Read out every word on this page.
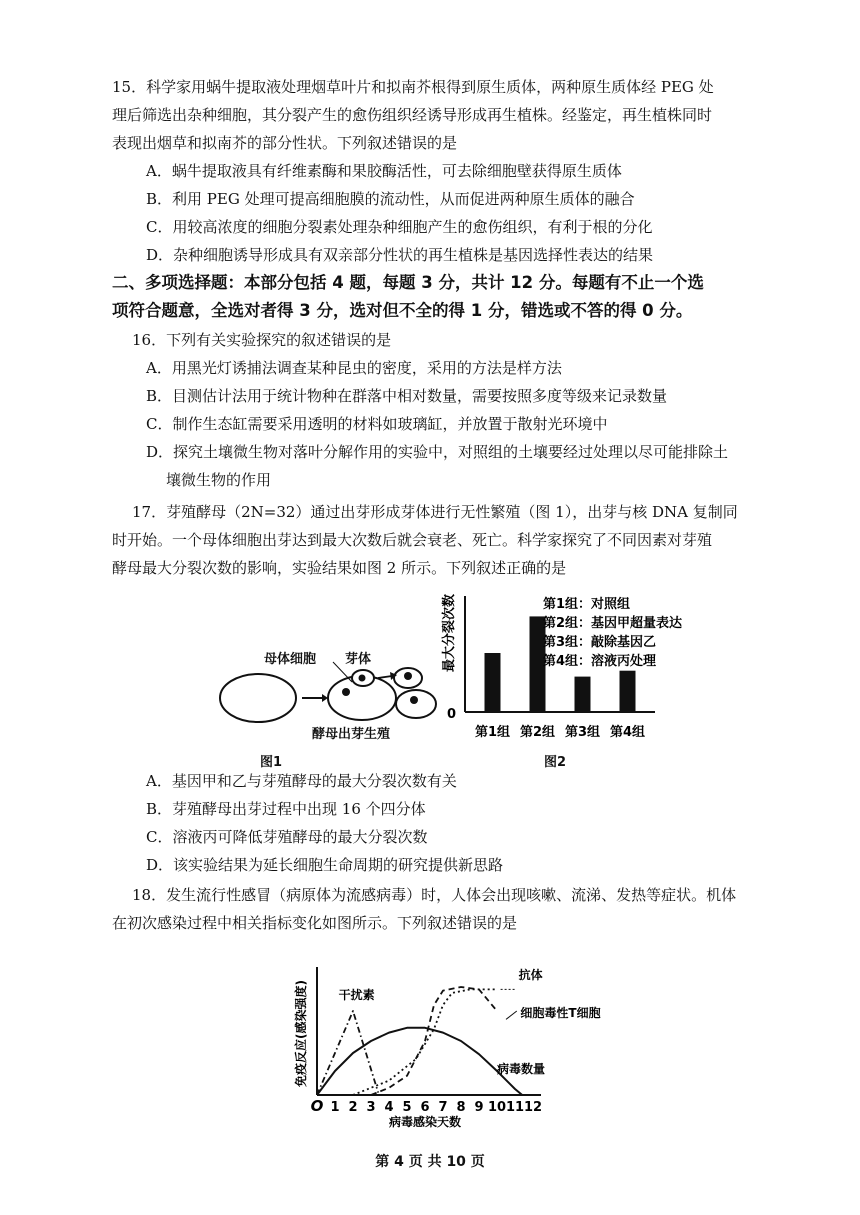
15．科学家用蜗牛提取液处理烟草叶片和拟南芥根得到原生质体，两种原生质体经 PEG 处
理后筛选出杂种细胞，其分裂产生的愈伤组织经诱导形成再生植株。经鉴定，再生植株同时
表现出烟草和拟南芥的部分性状。下列叙述错误的是
A．蜗牛提取液具有纤维素酶和果胶酶活性，可去除细胞壁获得原生质体
B．利用 PEG 处理可提高细胞膜的流动性，从而促进两种原生质体的融合
C．用较高浓度的细胞分裂素处理杂种细胞产生的愈伤组织，有利于根的分化
D．杂种细胞诱导形成具有双亲部分性状的再生植株是基因选择性表达的结果
二、多项选择题：本部分包括 4 题，每题 3 分，共计 12 分。每题有不止一个选
项符合题意，全选对者得 3 分，选对但不全的得 1 分，错选或不答的得 0 分。
16．下列有关实验探究的叙述错误的是
A．用黑光灯诱捕法调查某种昆虫的密度，采用的方法是样方法
B．目测估计法用于统计物种在群落中相对数量，需要按照多度等级来记录数量
C．制作生态缸需要采用透明的材料如玻璃缸，并放置于散射光环境中
D．探究土壤微生物对落叶分解作用的实验中，对照组的土壤要经过处理以尽可能排除土
壤微生物的作用
17．芽殖酵母（2N=32）通过出芽形成芽体进行无性繁殖（图 1），出芽与核 DNA 复制同
时开始。一个母体细胞出芽达到最大次数后就会衰老、死亡。科学家探究了不同因素对芽殖
酵母最大分裂次数的影响，实验结果如图 2 所示。下列叙述正确的是
母体细胞 芽体
酵母出芽生殖
图1
0
最大分裂次数
第1组 第2组 第3组 第4组
第1组：对照组
第2组：基因甲超量表达
第3组：敲除基因乙
第4组：溶液丙处理
图2
A．基因甲和乙与芽殖酵母的最大分裂次数有关
B．芽殖酵母出芽过程中出现 16 个四分体
C．溶液丙可降低芽殖酵母的最大分裂次数
D．该实验结果为延长细胞生命周期的研究提供新思路
18．发生流行性感冒（病原体为流感病毒）时，人体会出现咳嗽、流涕、发热等症状。机体
在初次感染过程中相关指标变化如图所示。下列叙述错误的是
O 1 2 3 4 5 6 7 8 9 10 11 12
病毒感染天数
免疫反应(感染强度)	干扰素
病毒数量
抗体
细胞毒性T细胞
第 4 页 共 10 页
